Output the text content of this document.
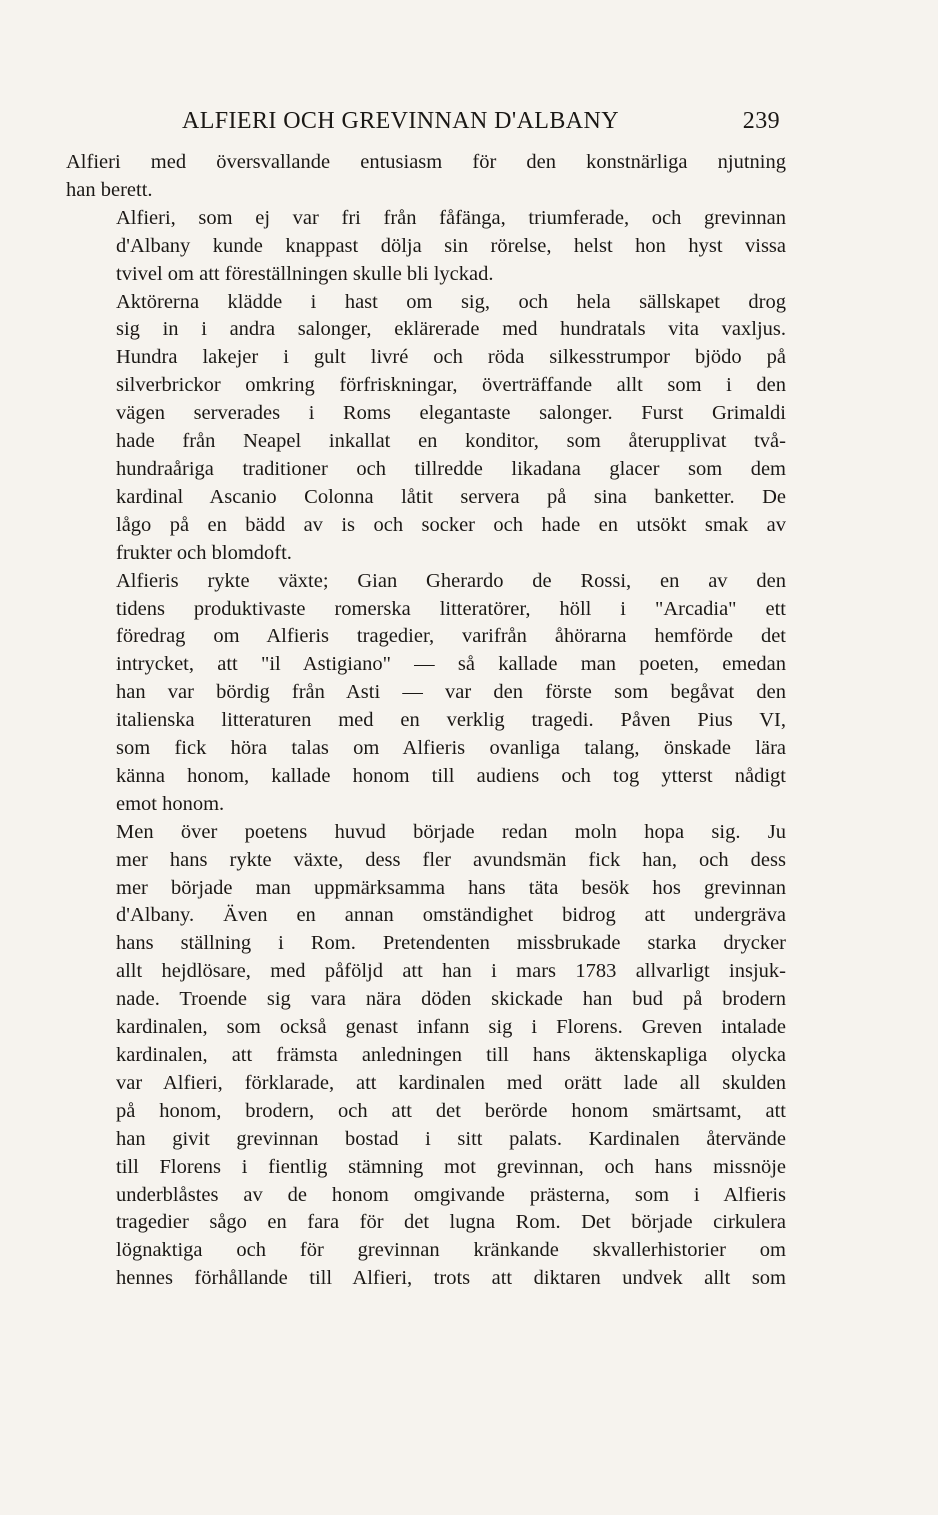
ALFIERI OCH GREVINNAN D'ALBANY	239

Alfieri med översvallande entusiasm för den konstnärliga njutning
han berett.

Alfieri, som ej var fri från fåfänga, triumferade, och grevinnan
d'Albany kunde knappast dölja sin rörelse, helst hon hyst vissa
tvivel om att föreställningen skulle bli lyckad.

Aktörerna klädde i hast om sig, och hela sällskapet drog
sig in i andra salonger, eklärerade med hundratals vita vaxljus.
Hundra lakejer i gult livré och röda silkesstrumpor bjödo på
silverbrickor omkring förfriskningar, överträffande allt som i den
vägen serverades i Roms elegantaste salonger. Furst Grimaldi
hade från Neapel inkallat en konditor, som återupplivat två-
hundraåriga traditioner och tillredde likadana glacer som dem
kardinal Ascanio Colonna låtit servera på sina banketter. De
lågo på en bädd av is och socker och hade en utsökt smak av
frukter och blomdoft.

Alfieris rykte växte; Gian Gherardo de Rossi, en av den
tidens produktivaste romerska litteratörer, höll i "Arcadia" ett
föredrag om Alfieris tragedier, varifrån åhörarna hemförde det
intrycket, att "il Astigiano" — så kallade man poeten, emedan
han var bördig från Asti — var den förste som begåvat den
italienska litteraturen med en verklig tragedi. Påven Pius VI,
som fick höra talas om Alfieris ovanliga talang, önskade lära
känna honom, kallade honom till audiens och tog ytterst nådigt
emot honom.

Men över poetens huvud började redan moln hopa sig. Ju
mer hans rykte växte, dess fler avundsmän fick han, och dess
mer började man uppmärksamma hans täta besök hos grevinnan
d'Albany. Även en annan omständighet bidrog att undergräva
hans ställning i Rom. Pretendenten missbrukade starka drycker
allt hejdlösare, med påföljd att han i mars 1783 allvarligt insjuk-
nade. Troende sig vara nära döden skickade han bud på brodern
kardinalen, som också genast infann sig i Florens. Greven intalade
kardinalen, att främsta anledningen till hans äktenskapliga olycka
var Alfieri, förklarade, att kardinalen med orätt lade all skulden
på honom, brodern, och att det berörde honom smärtsamt, att
han givit grevinnan bostad i sitt palats. Kardinalen återvände
till Florens i fientlig stämning mot grevinnan, och hans missnöje
underblåstes av de honom omgivande prästerna, som i Alfieris
tragedier sågo en fara för det lugna Rom. Det började cirkulera
lögnaktiga och för grevinnan kränkande skvallerhistorier om
hennes förhållande till Alfieri, trots att diktaren undvek allt som
